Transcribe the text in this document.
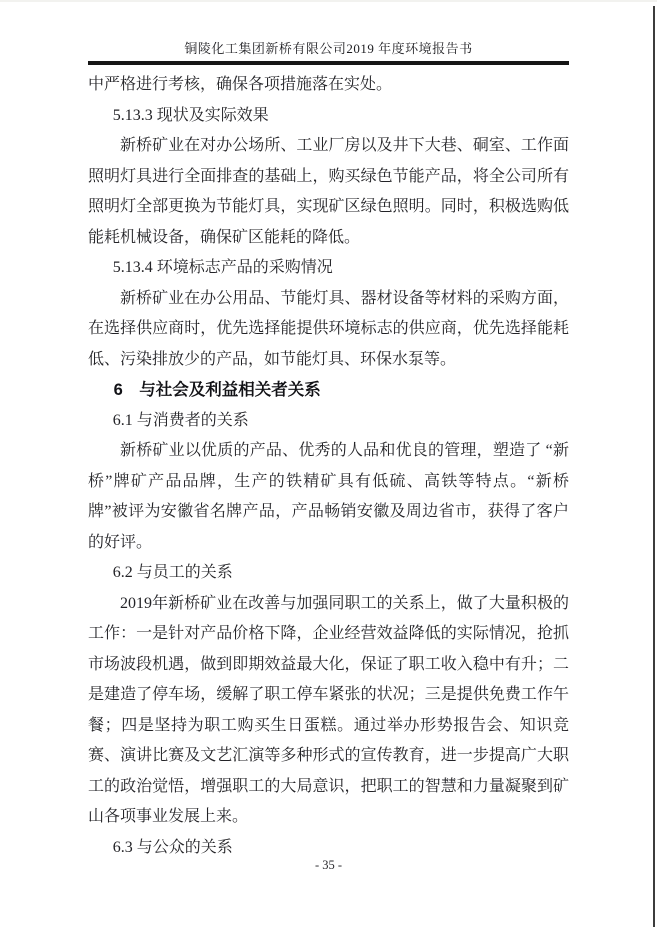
铜陵化工集团新桥有限公司2019 年度环境报告书
中严格进行考核，确保各项措施落在实处。
5.13.3 现状及实际效果
新桥矿业在对办公场所、工业厂房以及井下大巷、硐室、工作面照明灯具进行全面排查的基础上，购买绿色节能产品，将全公司所有照明灯全部更换为节能灯具，实现矿区绿色照明。同时，积极选购低能耗机械设备，确保矿区能耗的降低。
5.13.4 环境标志产品的采购情况
新桥矿业在办公用品、节能灯具、器材设备等材料的采购方面，在选择供应商时，优先选择能提供环境标志的供应商，优先选择能耗低、污染排放少的产品，如节能灯具、环保水泵等。
6　与社会及利益相关者关系
6.1 与消费者的关系
新桥矿业以优质的产品、优秀的人品和优良的管理，塑造了 “新桥”牌矿产品品牌，生产的铁精矿具有低硫、高铁等特点。“新桥牌”被评为安徽省名牌产品，产品畅销安徽及周边省市，获得了客户的好评。
6.2 与员工的关系
2019年新桥矿业在改善与加强同职工的关系上，做了大量积极的工作：一是针对产品价格下降，企业经营效益降低的实际情况，抢抓市场波段机遇，做到即期效益最大化，保证了职工收入稳中有升；二是建造了停车场，缓解了职工停车紧张的状况；三是提供免费工作午餐；四是坚持为职工购买生日蛋糕。通过举办形势报告会、知识竞赛、演讲比赛及文艺汇演等多种形式的宣传教育，进一步提高广大职工的政治觉悟，增强职工的大局意识，把职工的智慧和力量凝聚到矿山各项事业发展上来。
6.3 与公众的关系
- 35 -
